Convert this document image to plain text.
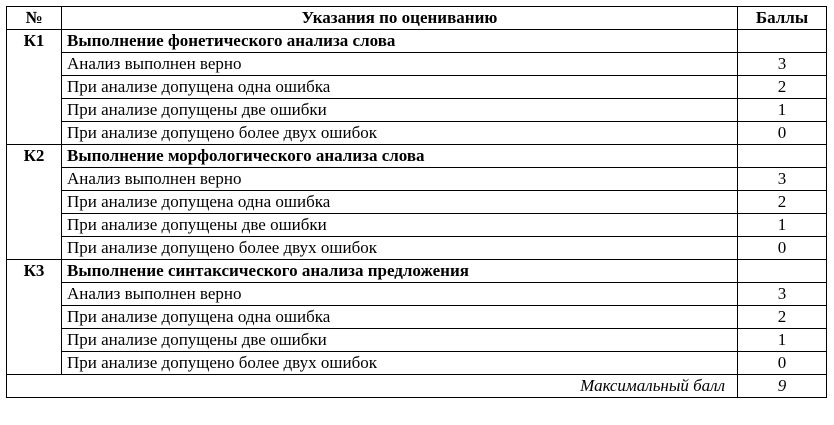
№	Указания по оцениванию	Баллы
К1	Выполнение фонетического анализа слова	
	Анализ выполнен верно	3
	При анализе допущена одна ошибка	2
	При анализе допущены две ошибки	1
	При анализе допущено более двух ошибок	0
К2	Выполнение морфологического анализа слова	
	Анализ выполнен верно	3
	При анализе допущена одна ошибка	2
	При анализе допущены две ошибки	1
	При анализе допущено более двух ошибок	0
К3	Выполнение синтаксического анализа предложения	
	Анализ выполнен верно	3
	При анализе допущена одна ошибка	2
	При анализе допущены две ошибки	1
	При анализе допущено более двух ошибок	0
	Максимальный балл	9
